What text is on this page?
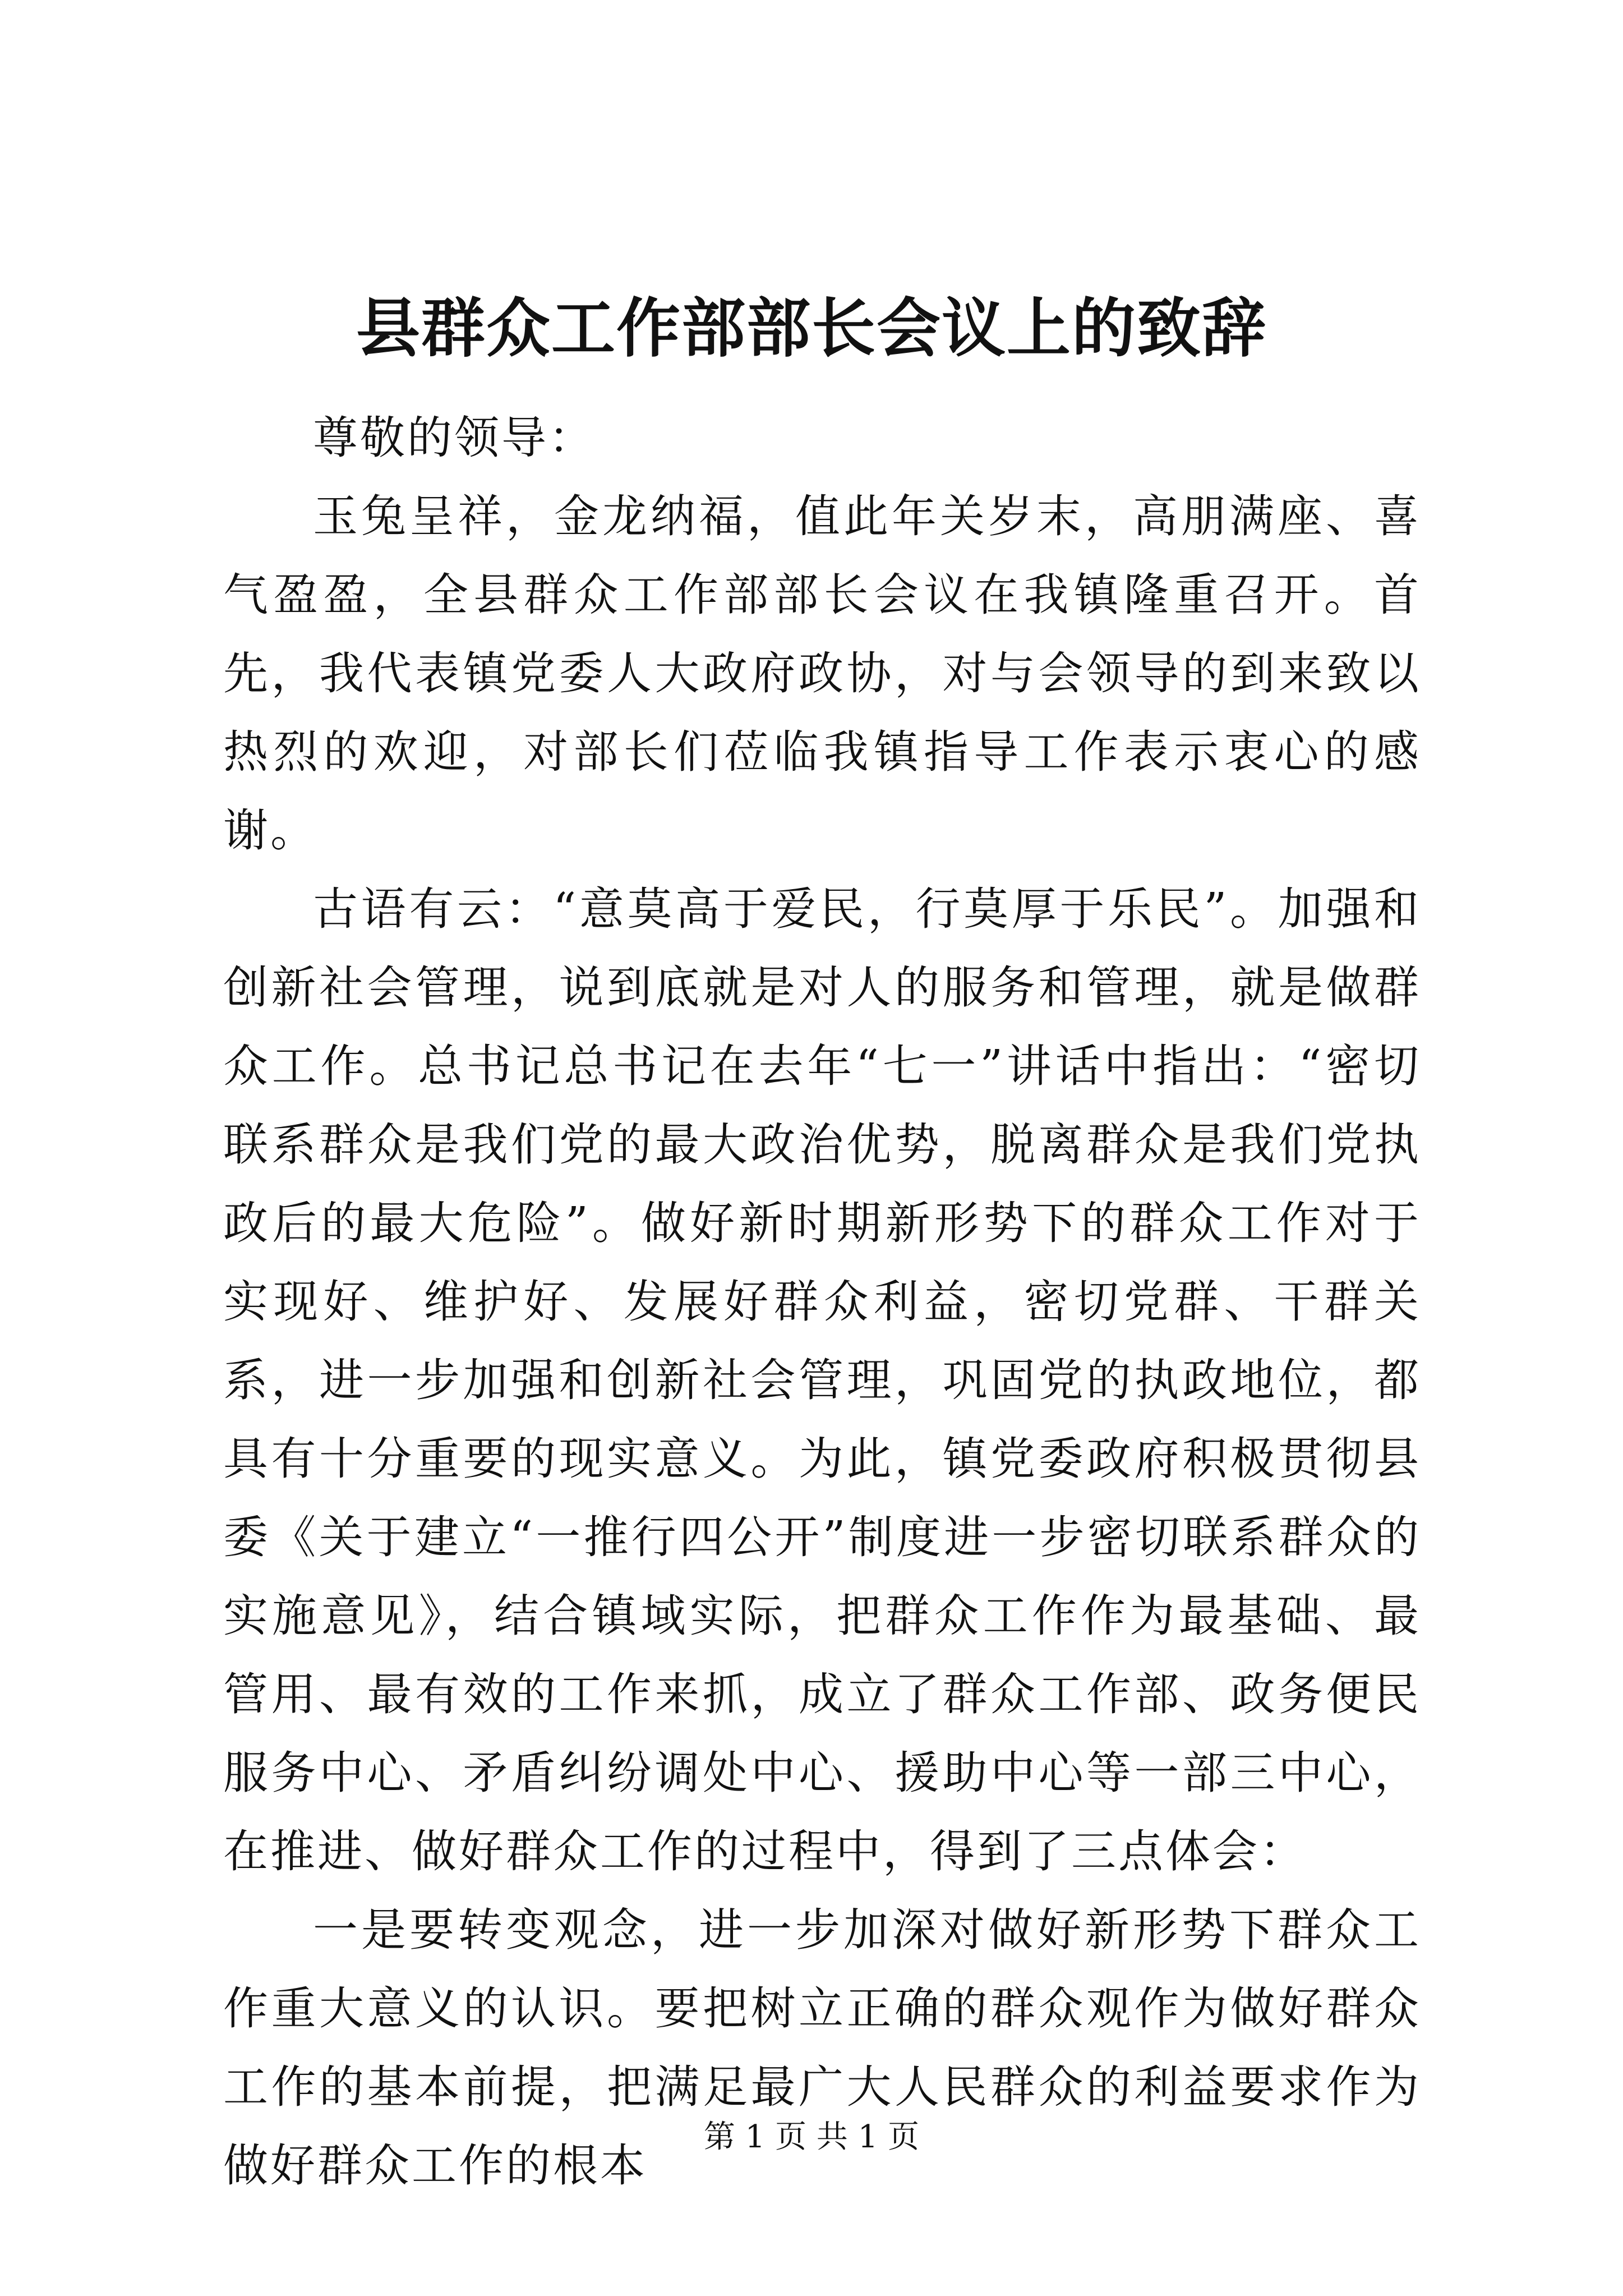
县群众工作部部长会议上的致辞

尊敬的领导：

玉兔呈祥，金龙纳福，值此年关岁末，高朋满座、喜气盈盈，全县群众工作部部长会议在我镇隆重召开。首先，我代表镇党委人大政府政协，对与会领导的到来致以热烈的欢迎，对部长们莅临我镇指导工作表示衷心的感谢。

古语有云：“意莫高于爱民，行莫厚于乐民”。加强和创新社会管理，说到底就是对人的服务和管理，就是做群众工作。总书记总书记在去年“七一”讲话中指出：“密切联系群众是我们党的最大政治优势，脱离群众是我们党执政后的最大危险”。做好新时期新形势下的群众工作对于实现好、维护好、发展好群众利益，密切党群、干群关系，进一步加强和创新社会管理，巩固党的执政地位，都具有十分重要的现实意义。为此，镇党委政府积极贯彻县委《关于建立“一推行四公开”制度进一步密切联系群众的实施意见》，结合镇域实际，把群众工作作为最基础、最管用、最有效的工作来抓，成立了群众工作部、政务便民服务中心、矛盾纠纷调处中心、援助中心等一部三中心，在推进、做好群众工作的过程中，得到了三点体会：

一是要转变观念，进一步加深对做好新形势下群众工作重大意义的认识。要把树立正确的群众观作为做好群众工作的基本前提，把满足最广大人民群众的利益要求作为做好群众工作的根本

第 1 页 共 1 页
